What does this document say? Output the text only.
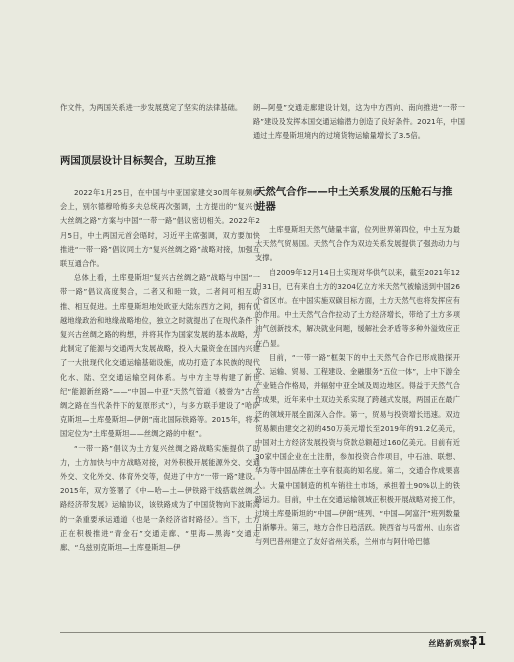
作文件，为两国关系进一步发展奠定了坚实的法律基础。

两国顶层设计目标契合，互助互推

2022年1月25日，在中国与中亚国家建交30周年视频峰会上，别尔德穆哈梅多夫总统再次强调，土方提出的“复兴伟大丝绸之路”方案与中国“一带一路”倡议密切相关。2022年2月5日，中土两国元首会晤时，习近平主席强调，双方要加快推进“一带一路”倡议同土方“复兴丝绸之路”战略对接，加强互联互通合作。

总体上看，土库曼斯坦“复兴古丝绸之路”战略与中国“一带一路”倡议高度契合，二者又和睦一致，二者间可相互助推、相互促进。土库曼斯坦地处欧亚大陆东西方之间，拥有优越地缘政治和地缘战略地位，独立之时就提出了在现代条件下复兴古丝绸之路的构想，并将其作为国家发展的基本战略，为此制定了能源与交通两大发展战略，投入大量资金在国内兴建了一大批现代化交通运输基础设施，成功打造了本民族的现代化水、陆、空交通运输空间体系。与中方主导构建了新世纪“能源新丝路”——“中国—中亚”天然气管道（被誉为“古丝绸之路在当代条件下的复原形式”），与多方联手建设了“哈萨克斯坦—土库曼斯坦—伊朗”南北国际铁路等。2015年，将本国定位为“土库曼斯坦——丝绸之路的中枢”。

“一带一路”倡议为土方复兴丝绸之路战略实施提供了助力，土方加快与中方战略对接，对外积极开展能源外交、交通外交、文化外交、体育外交等，促进了中方“一带一路”建设。2015年，双方签署了《中—哈—土—伊铁路干线搭载丝绸之路经济带发展》运输协议，该铁路成为了中国货物向下波斯湾的一条重要承运通道（也是一条经济省时路径）。当下，土方正在积极推进“青金石”交通走廊、“里海—黑海”交通走廊、“乌兹别克斯坦—土库曼斯坦—伊

朗—阿曼”交通走廊建设计划，这为中方西向、南向推进“一带一路”建设及发挥本国交通运输潜力创造了良好条件。2021年，中国通过土库曼斯坦境内的过境货物运输量增长了3.5倍。

天然气合作——中土关系发展的压舱石与推进器

土库曼斯坦天然气储量丰富，位列世界第四位，中土互为最大天然气贸易国。天然气合作为双边关系发展提供了强劲动力与支撑。

自2009年12月14日土实现对华供气以来，截至2021年12月31日，已有来自土方的3204亿立方米天然气被输送到中国26个省区市。在中国实施双碳目标方面，土方天然气也将发挥应有的作用。中土天然气合作拉动了土方经济增长，带给了土方多项油气创新技术，解决就业问题，缓解社会矛盾等多种外溢效应正在凸显。

目前，“一带一路”框架下的中土天然气合作已形成勘探开发、运输、贸易、工程建设、金融服务“五位一体”，上中下游全产业链合作格局，并辐射中亚全域及周边地区。得益于天然气合作成果，近年来中土双边关系实现了跨越式发展，两国正在最广泛的领域开展全面深入合作。第一，贸易与投资增长迅速。双边贸易额由建交之初的450万美元增长至2019年的91.2亿美元，中国对土方经济发展投资与贷款总额超过160亿美元。目前有近30家中国企业在土注册，参加投资合作项目，中石油、联想、华为等中国品牌在土享有很高的知名度。第二，交通合作成果喜人。大量中国制造的机车销往土市场，承担着土90%以上的铁路运力。目前，中土在交通运输领域正积极开展战略对接工作，过境土库曼斯坦的“中国—伊朗”班列、“中国—阿富汗”班列数量日渐攀升。第三，地方合作日趋活跃。陕西省与马雷州、山东省与列巴普州建立了友好省州关系，兰州市与阿什哈巴德

丝路新观察 31
